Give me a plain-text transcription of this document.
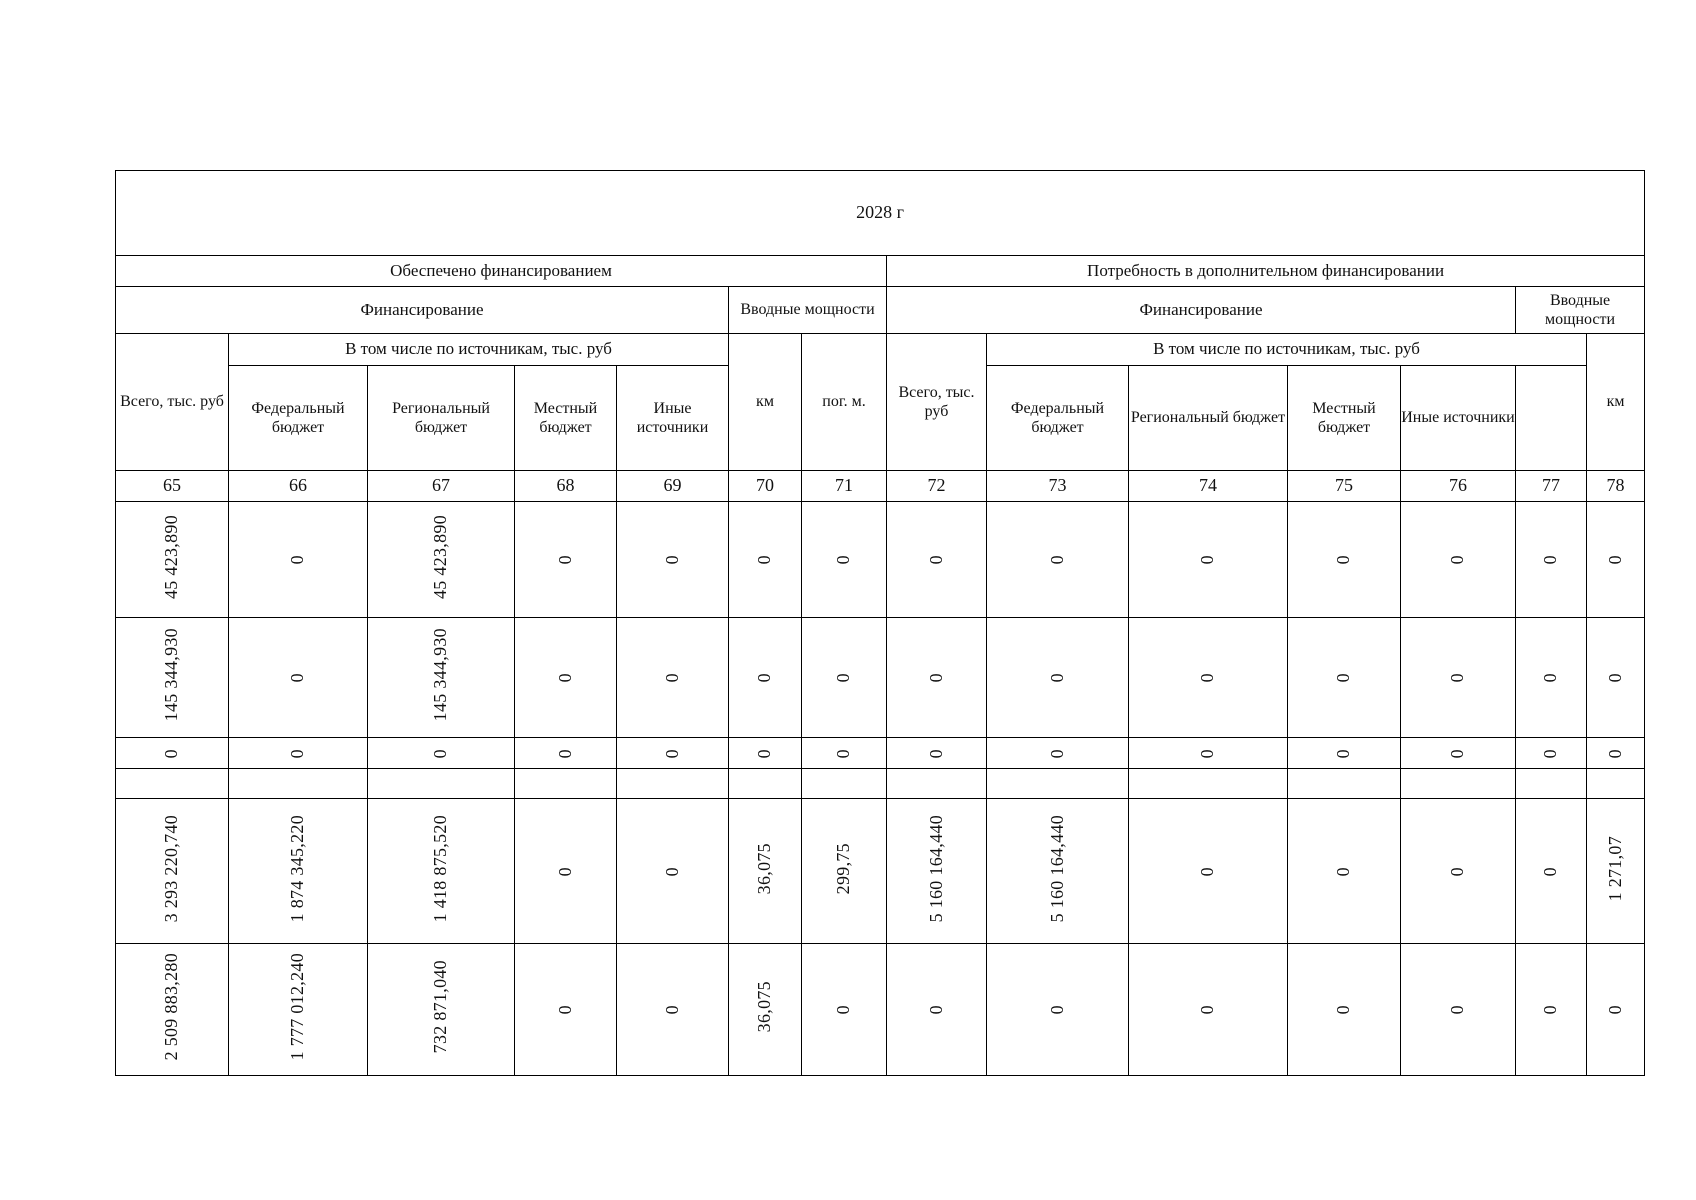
2028 г														
Обеспечено финансированием							Потребность в дополнительном финансировании							
Финансирование					Вводные мощности		Финансирование					Вводные мощности		
Всего, тыс. руб	В том числе по источникам, тыс. руб				км	пог. м.	Всего, тыс. руб	В том числе по источникам, тыс. руб					км	
	Федеральный бюджет	Региональный бюджет	Местный бюджет	Иные источники				Федеральный бюджет	Региональный бюджет	Местный бюджет	Иные источники			
65	66	67	68	69	70	71	72	73	74	75	76	77	78	
45 423,890	0	45 423,890	0	0	0	0	0	0	0	0	0	0	0	
145 344,930	0	145 344,930	0	0	0	0	0	0	0	0	0	0	0	
0	0	0	0	0	0	0	0	0	0	0	0	0	0	

3 293 220,740	1 874 345,220	1 418 875,520	0	0	36,075	299,75	5 160 164,440	5 160 164,440	0	0	0	0	1 271,07	
2 509 883,280	1 777 012,240	732 871,040	0	0	36,075	0	0	0	0	0	0	0	0	
